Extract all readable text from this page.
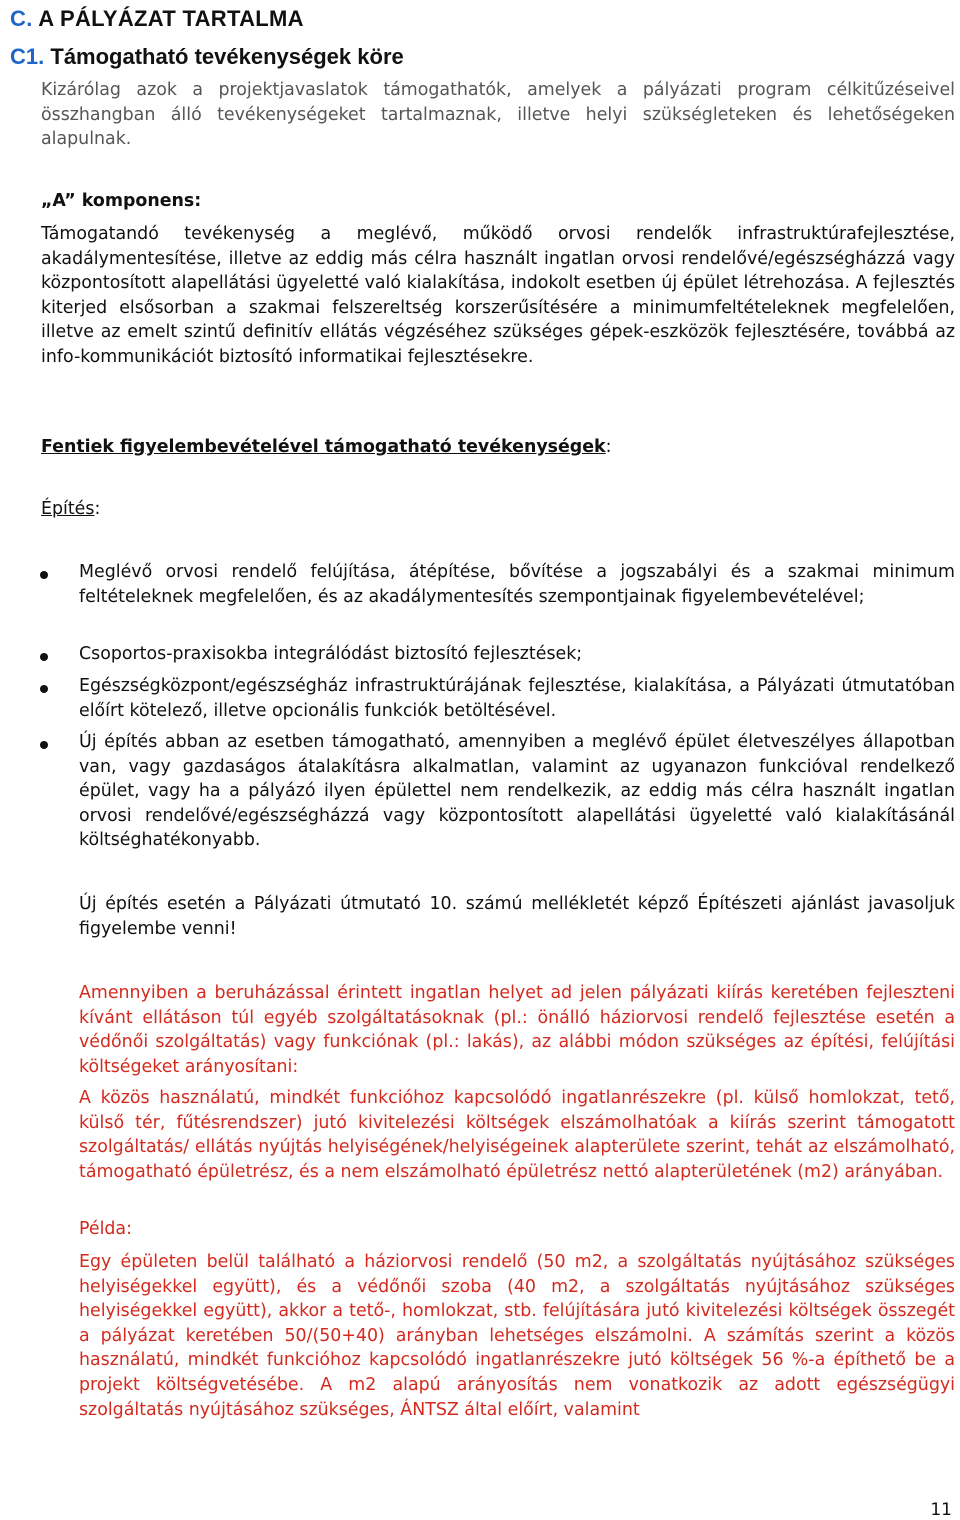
C. A PÁLYÁZAT TARTALMA
C1. Támogatható tevékenységek köre

Kizárólag azok a projektjavaslatok támogathatók, amelyek a pályázati program célkitűzéseivel összhangban álló tevékenységeket tartalmaznak, illetve helyi szükségleteken és lehetőségeken alapulnak.

„A” komponens:

Támogatandó tevékenység a meglévő, működő orvosi rendelők infrastruktúrafejlesztése, akadálymentesítése, illetve az eddig más célra használt ingatlan orvosi rendelővé/egészségházzá vagy központosított alapellátási ügyeletté való kialakítása, indokolt esetben új épület létrehozása. A fejlesztés kiterjed elsősorban a szakmai felszereltség korszerűsítésére a minimumfeltételeknek megfelelően, illetve az emelt szintű definitív ellátás végzéséhez szükséges gépek-eszközök fejlesztésére, továbbá az info-kommunikációt biztosító informatikai fejlesztésekre.

Fentiek figyelembevételével támogatható tevékenységek:

Építés:

Meglévő orvosi rendelő felújítása, átépítése, bővítése a jogszabályi és a szakmai minimum feltételeknek megfelelően, és az akadálymentesítés szempontjainak figyelembevételével;

Csoportos-praxisokba integrálódást biztosító fejlesztések;

Egészségközpont/egészségház infrastruktúrájának fejlesztése, kialakítása, a Pályázati útmutatóban előírt kötelező, illetve opcionális funkciók betöltésével.

Új építés abban az esetben támogatható, amennyiben a meglévő épület életveszélyes állapotban van, vagy gazdaságos átalakításra alkalmatlan, valamint az ugyanazon funkcióval rendelkező épület, vagy ha a pályázó ilyen épülettel nem rendelkezik, az eddig más célra használt ingatlan orvosi rendelővé/egészségházzá vagy központosított alapellátási ügyeletté való kialakításánál költséghatékonyabb.

Új építés esetén a Pályázati útmutató 10. számú mellékletét képző Építészeti ajánlást javasoljuk figyelembe venni!

Amennyiben a beruházással érintett ingatlan helyet ad jelen pályázati kiírás keretében fejleszteni kívánt ellátáson túl egyéb szolgáltatásoknak (pl.: önálló háziorvosi rendelő fejlesztése esetén a védőnői szolgáltatás) vagy funkciónak (pl.: lakás), az alábbi módon szükséges az építési, felújítási költségeket arányosítani:

A közös használatú, mindkét funkcióhoz kapcsolódó ingatlanrészekre (pl. külső homlokzat, tető, külső tér, fűtésrendszer) jutó kivitelezési költségek elszámolhatóak a kiírás szerint támogatott szolgáltatás/ ellátás nyújtás helyiségének/helyiségeinek alapterülete szerint, tehát az elszámolható, támogatható épületrész, és a nem elszámolható épületrész nettó alapterületének (m2) arányában.

Példa:

Egy épületen belül található a háziorvosi rendelő (50 m2, a szolgáltatás nyújtásához szükséges helyiségekkel együtt), és a védőnői szoba (40 m2, a szolgáltatás nyújtásához szükséges helyiségekkel együtt), akkor a tető-, homlokzat, stb. felújítására jutó kivitelezési költségek összegét a pályázat keretében 50/(50+40) arányban lehetséges elszámolni. A számítás szerint a közös használatú, mindkét funkcióhoz kapcsolódó ingatlanrészekre jutó költségek 56 %-a építhető be a projekt költségvetésébe. A m2 alapú arányosítás nem vonatkozik az adott egészségügyi szolgáltatás nyújtásához szükséges, ÁNTSZ által előírt, valamint

11
